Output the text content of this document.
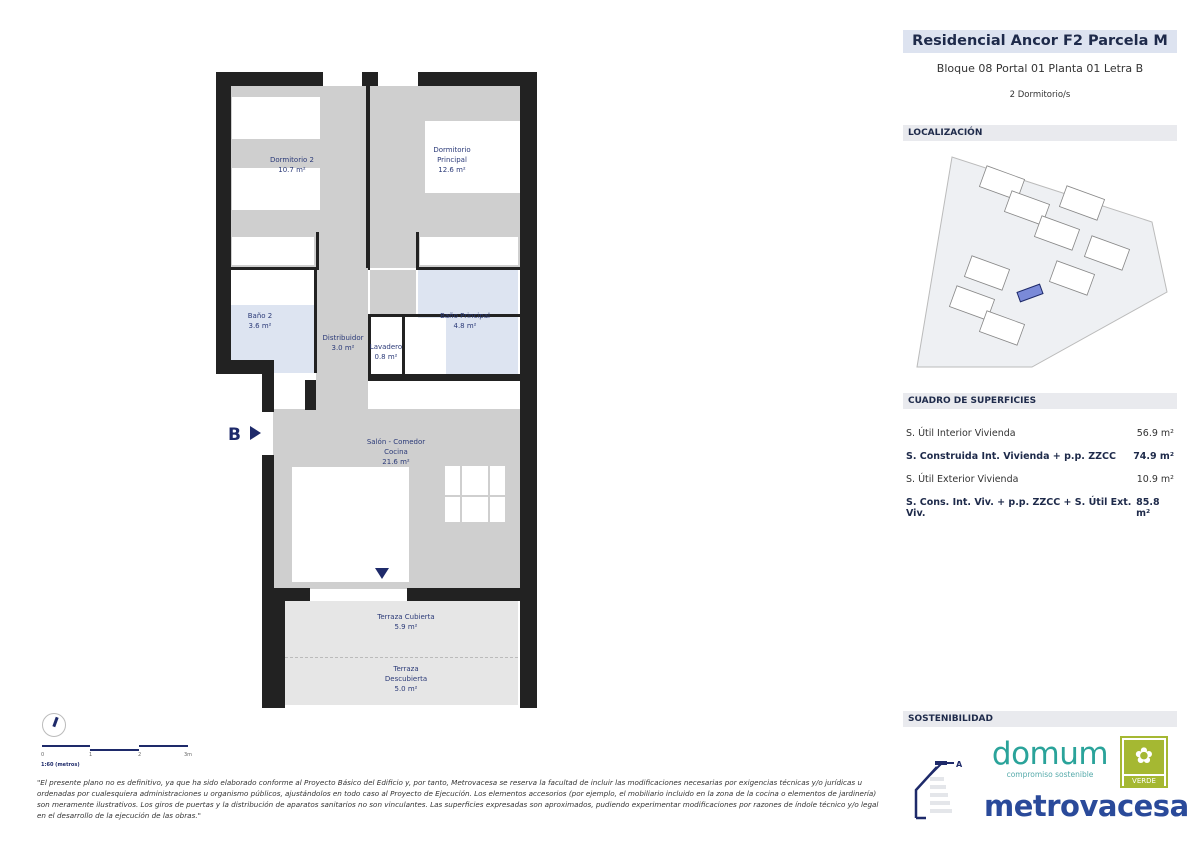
B
Dormitorio 2
10.7 m²
Dormitorio
Principal
12.6 m²
Baño 2
3.6 m²
Distribuidor
3.0 m²	Lavadero
0.8 m²
Baño Principal
4.8 m²
Salón - Comedor
Cocina
21.6 m²
Terraza Cubierta
5.9 m²
Terraza
Descubierta
5.0 m²
0	1	2	3m
1:60 (metros)
"El presente plano no es definitivo, ya que ha sido elaborado conforme al Proyecto Básico del Edificio y, por tanto, Metrovacesa se reserva la facultad de incluir las modificaciones necesarias por exigencias técnicas y/o jurídicas u ordenadas por cualesquiera administraciones u organismo públicos, ajustándolos en todo caso al Proyecto de Ejecución. Los elementos accesorios (por ejemplo, el mobiliario incluido en la zona de la cocina o elementos de jardinería) son meramente ilustrativos. Los giros de puertas y la distribución de aparatos sanitarios no son vinculantes. Las superficies expresadas son aproximados, pudiendo experimentar modificaciones por razones de índole técnico y/o legal en el desarrollo de la ejecución de las obras."
Residencial Ancor F2 Parcela M
Bloque 08 Portal 01 Planta 01 Letra B
2 Dormitorio/s
LOCALIZACIÓN
CUADRO DE SUPERFICIES
S. Útil Interior Vivienda	56.9 m²
S. Construida Int. Vivienda + p.p. ZZCC 74.9 m²
S. Útil Exterior Vivienda	10.9 m²
S. Cons. Int. Viv. + p.p. ZZCC + S. Útil Ext. Viv.
85.8 m²
SOSTENIBILIDAD
A domum
compromiso sostenible
✿
VERDE
metrovacesa
